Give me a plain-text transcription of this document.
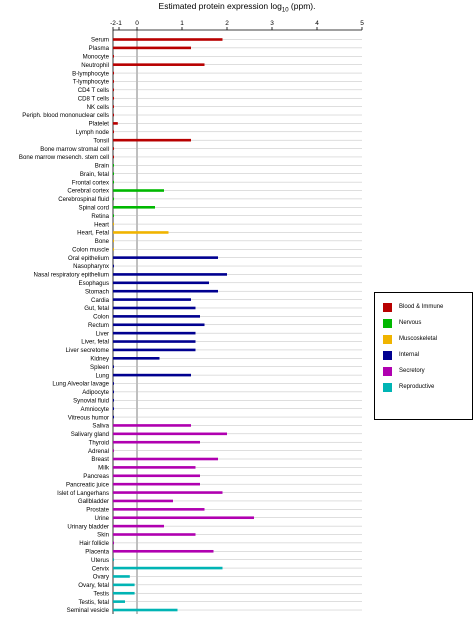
Estimated protein expression $\log_{10} (ppm)$.
-2 -1 0	1	2	3	4	5
Serum
Plasma
Monocyte
Neutrophil
B-lymphocyte
T-lymphocyte
CD4 T cells
CD8 T cells
NK cells
Periph. blood mononuclear cells
Platelet
Lymph node
Tonsil
Bone marrow stromal cell
Bone marrow mesench. stem cell
Brain
Brain, fetal
Frontal cortex
Cerebral cortex
Cerebrospinal fluid
Spinal cord
Retina
Heart
Heart, Fetal
Bone
Colon muscle
Oral epithelium
Nasopharynx
Nasal respiratory epithelium
Esophagus
Stomach
Cardia
Gut, fetal
Colon
Rectum
Liver
Liver, fetal
Liver secretome
Kidney
Spleen
Lung
Lung Alveolar lavage
Adipocyte
Synovial fluid
Amniocyte
Vitreous humor
Saliva
Salivary gland
Thyroid
Adrenal
Breast
Milk
Pancreas
Pancreatic juice
Islet of Langerhans
Gallbladder
Prostate
Urine
Urinary bladder
Skin
Hair follicle
Placenta
Uterus
Cervix
Ovary
Ovary, fetal
Testis
Testis, fetal
Seminal vesicle
Blood & Immune
Nervous
Muscoskeletal
Internal
Secretory
Reproductive
